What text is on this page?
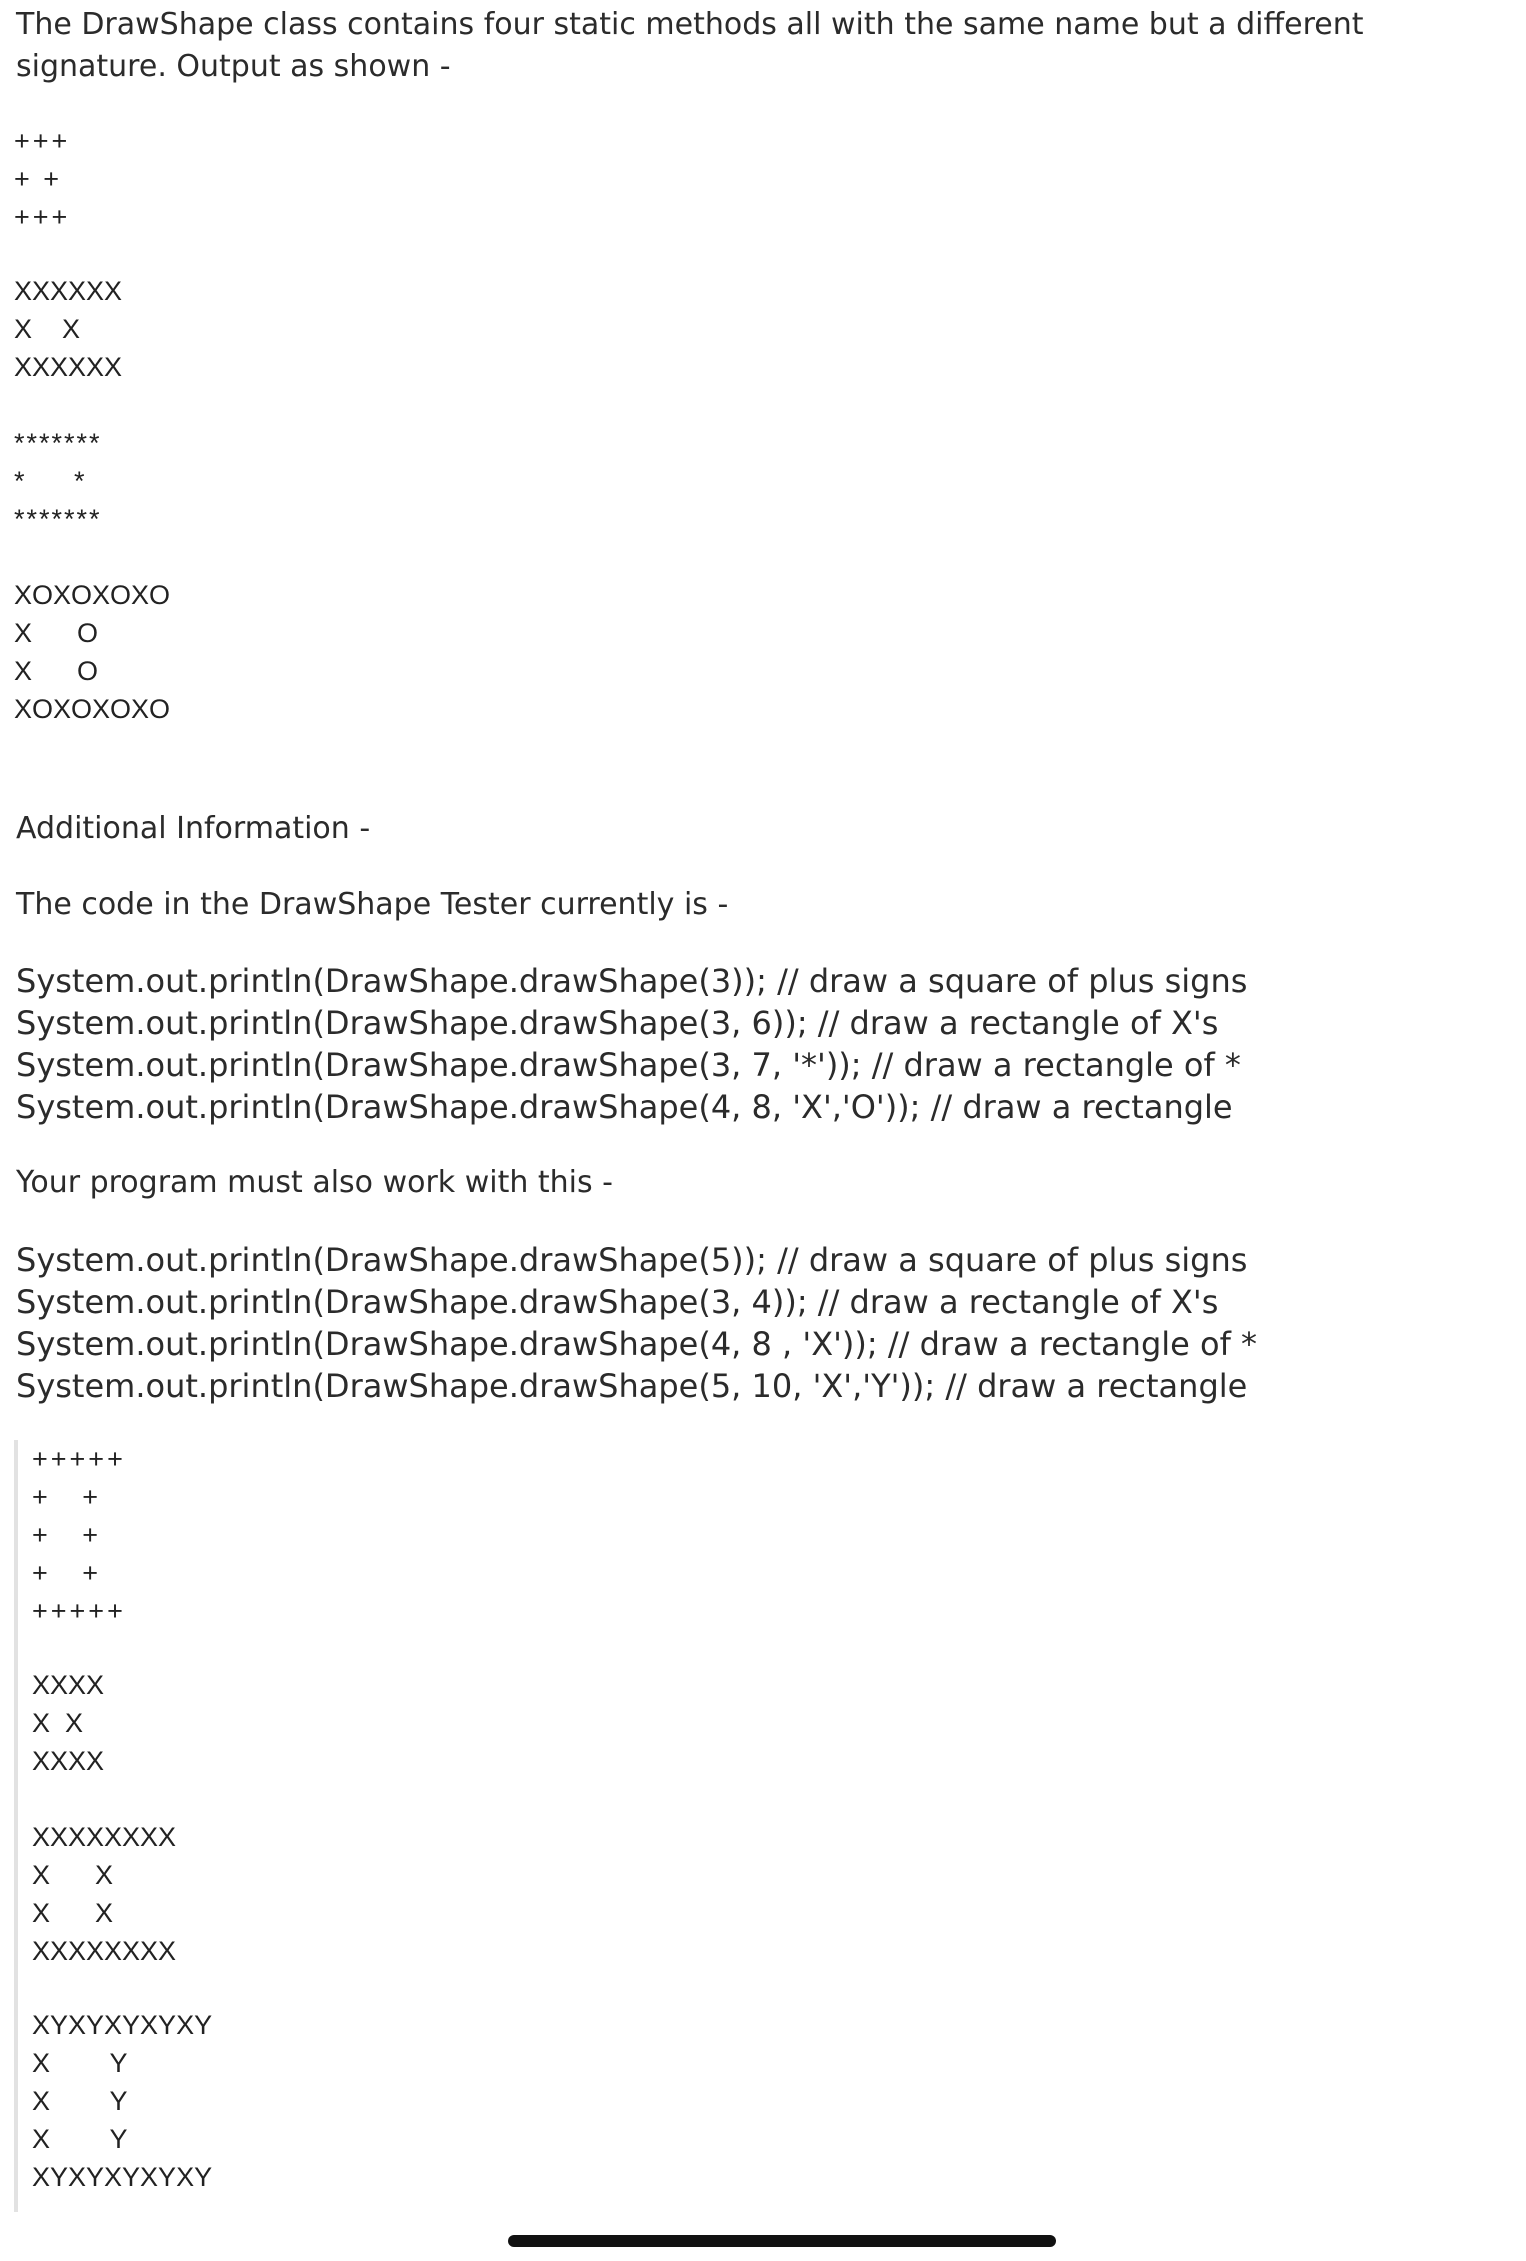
The DrawShape class contains four static methods all with the same name but a different signature. Output as shown -

+++
+ +
+++
XXXXXX
X    X
XXXXXX
*******
*     *
*******
XOXOXOXO
X      O
X      O
XOXOXOXO

Additional Information -

The code in the DrawShape Tester currently is -

System.out.println(DrawShape.drawShape(3)); // draw a square of plus signs

System.out.println(DrawShape.drawShape(3, 6)); // draw a rectangle of X's

System.out.println(DrawShape.drawShape(3, 7, '*')); // draw a rectangle of *

System.out.println(DrawShape.drawShape(4, 8, 'X','O')); // draw a rectangle

Your program must also work with this -

System.out.println(DrawShape.drawShape(5)); // draw a square of plus signs

System.out.println(DrawShape.drawShape(3, 4)); // draw a rectangle of X's

System.out.println(DrawShape.drawShape(4, 8 , 'X')); // draw a rectangle of *

System.out.println(DrawShape.drawShape(5, 10, 'X','Y')); // draw a rectangle

+++++
+   +
+   +
+   +
+++++
XXXX
X  X
XXXX
XXXXXXXX
X      X
X      X
XXXXXXXX
XYXYXYXYXY
X        Y
X        Y
X        Y
XYXYXYXYXY
